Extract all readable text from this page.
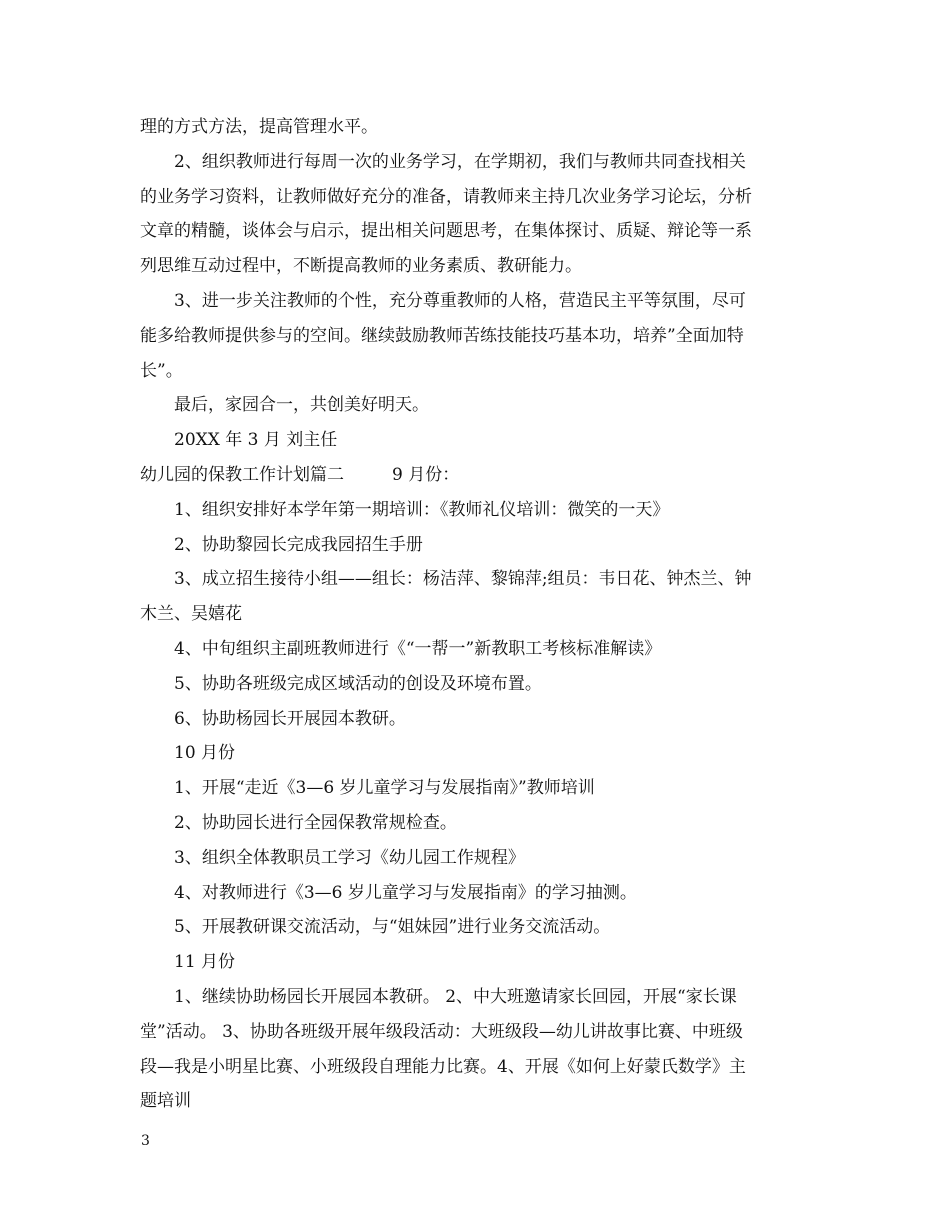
理的方式方法，提高管理水平。
2、组织教师进行每周一次的业务学习，在学期初，我们与教师共同查找相关
的业务学习资料，让教师做好充分的准备，请教师来主持几次业务学习论坛，分析
文章的精髓，谈体会与启示，提出相关问题思考，在集体探讨、质疑、辩论等一系
列思维互动过程中，不断提高教师的业务素质、教研能力。
3、进一步关注教师的个性，充分尊重教师的人格，营造民主平等氛围，尽可
能多给教师提供参与的空间。继续鼓励教师苦练技能技巧基本功，培养”全面加特
长”。
最后，家园合一，共创美好明天。
20XX 年 3 月 刘主任
幼儿园的保教工作计划篇二	9 月份：
1、组织安排好本学年第一期培训：《教师礼仪培训：微笑的一天》
2、协助黎园长完成我园招生手册
3、成立招生接待小组——组长：杨洁萍、黎锦萍;组员：韦日花、钟杰兰、钟
木兰、吴嬉花
4、中旬组织主副班教师进行《“一帮一”新教职工考核标准解读》
5、协助各班级完成区域活动的创设及环境布置。
6、协助杨园长开展园本教研。
10 月份
1、开展“走近《3—6 岁儿童学习与发展指南》”教师培训
2、协助园长进行全园保教常规检查。
3、组织全体教职员工学习《幼儿园工作规程》
4、对教师进行《3—6 岁儿童学习与发展指南》的学习抽测。
5、开展教研课交流活动，与“姐妹园”进行业务交流活动。
11 月份
1、继续协助杨园长开展园本教研。 2、中大班邀请家长回园，开展“家长课
堂”活动。 3、协助各班级开展年级段活动：大班级段—幼儿讲故事比赛、中班级
段—我是小明星比赛、小班级段自理能力比赛。4、开展《如何上好蒙氏数学》主
题培训
3
